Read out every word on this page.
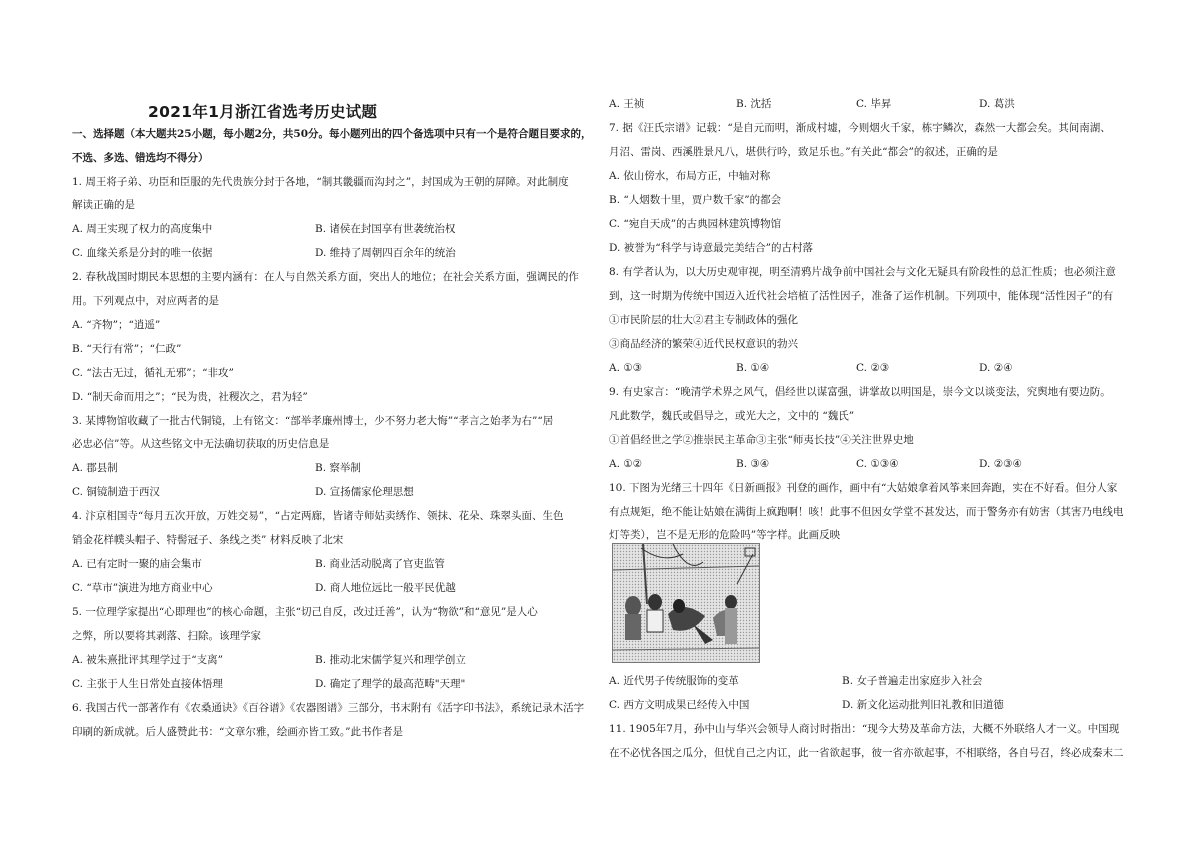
2021年1月浙江省选考历史试题
一、选择题（本大题共25小题，每小题2分，共50分。每小题列出的四个备选项中只有一个是符合题目要求的，
不选、多选、错选均不得分）
1. 周王将子弟、功臣和臣服的先代贵族分封于各地，“制其畿疆而沟封之”，封国成为王朝的屏障。对此制度
解读正确的是
A. 周王实现了权力的高度集中	B. 诸侯在封国享有世袭统治权
C. 血缘关系是分封的唯一依据	D. 维持了周朝四百余年的统治
2. 春秋战国时期民本思想的主要内涵有：在人与自然关系方面，突出人的地位；在社会关系方面，强调民的作
用。下列观点中，对应两者的是
A. “齐物”；“逍遥”
B. “天行有常”；“仁政”
C. “法古无过，循礼无邪”；“非攻”
D. “制天命而用之”；“民为贵，社稷次之，君为轻”
3. 某博物馆收藏了一批古代铜镜，上有铭文：“部举孝廉州博士，少不努力老大悔”“孝言之始孝为右”“居
必忠必信”等。从这些铭文中无法确切获取的历史信息是
A. 郡县制	B. 察举制
C. 铜镜制造于西汉	D. 宣扬儒家伦理思想
4. 汴京相国寺“每月五次开放，万姓交易”，“占定两廊，皆诸寺师姑卖绣作、领抹、花朵、珠翠头面、生色
销金花样幞头帽子、特髻冠子、条线之类” 材料反映了北宋
A. 已有定时一聚的庙会集市	B. 商业活动脱离了官吏监管
C. “草市”演进为地方商业中心	D. 商人地位远比一般平民优越
5. 一位理学家提出“心即理也”的核心命题，主张“切己自反，改过迁善”，认为“物欲”和“意见”是人心
之弊，所以要将其剥落、扫除。该理学家
A. 被朱熹批评其理学过于“支离”	B. 推动北宋儒学复兴和理学创立
C. 主张于人生日常处直接体悟理	D. 确定了理学的最高范畴"天理"
6. 我国古代一部著作有《农桑通诀》《百谷谱》《农器图谱》三部分，书末附有《活字印书法》，系统记录木活字
印刷的新成就。后人盛赞此书：“文章尔雅，绘画亦皆工致。”此书作者是
A. 王祯	B. 沈括	C. 毕昇	D. 葛洪
7. 据《汪氏宗谱》记载：“是自元而明，渐成村墟，今则烟火千家，栋宇鳞次，森然一大都会矣。其间南湖、
月沼、雷岗、西溪胜景凡八，堪供行吟，致足乐也。”有关此“都会”的叙述，正确的是
A. 依山傍水，布局方正，中轴对称
B. “人烟数十里，贾户数千家”的都会
C. “宛自天成”的古典园林建筑博物馆
D. 被誉为“科学与诗意最完美结合”的古村落
8. 有学者认为，以大历史观审视，明至清鸦片战争前中国社会与文化无疑具有阶段性的总汇性质；也必须注意
到，这一时期为传统中国迈入近代社会培植了活性因子，准备了运作机制。下列项中，能体现“活性因子”的有
①市民阶层的壮大②君主专制政体的强化
③商品经济的繁荣④近代民权意识的勃兴
A. ①③	B. ①④	C. ②③	D. ②④
9. 有史家言：“晚清学术界之风气，倡经世以谋富强，讲掌故以明国是，崇今文以谈变法，究舆地有要边防。
凡此数学，魏氏或倡导之，或光大之，文中的 “魏氏”
①首倡经世之学②推崇民主革命③主张“师夷长技”④关注世界史地
A. ①②	B. ③④	C. ①③④	D. ②③④
10. 下图为光绪三十四年《日新画报》刊登的画作，画中有“大姑娘拿着风筝来回奔跑，实在不好看。但分人家
有点规矩，绝不能让姑娘在满街上疯跑啊！咳！此事不但因女学堂不甚发达，而于警务亦有妨害（其害乃电线电
灯等类），岂不是无形的危险吗”等字样。此画反映
A. 近代男子传统服饰的变革	B. 女子普遍走出家庭步入社会
C. 西方文明成果已经传入中国	D. 新文化运动批判旧礼教和旧道德
11. 1905年7月，孙中山与华兴会领导人商讨时指出：“现今大势及革命方法，大概不外联络人才一义。中国现
在不必忧各国之瓜分，但忧自己之内讧，此一省欲起事，彼一省亦欲起事，不相联络，各自号召，终必成秦末二
